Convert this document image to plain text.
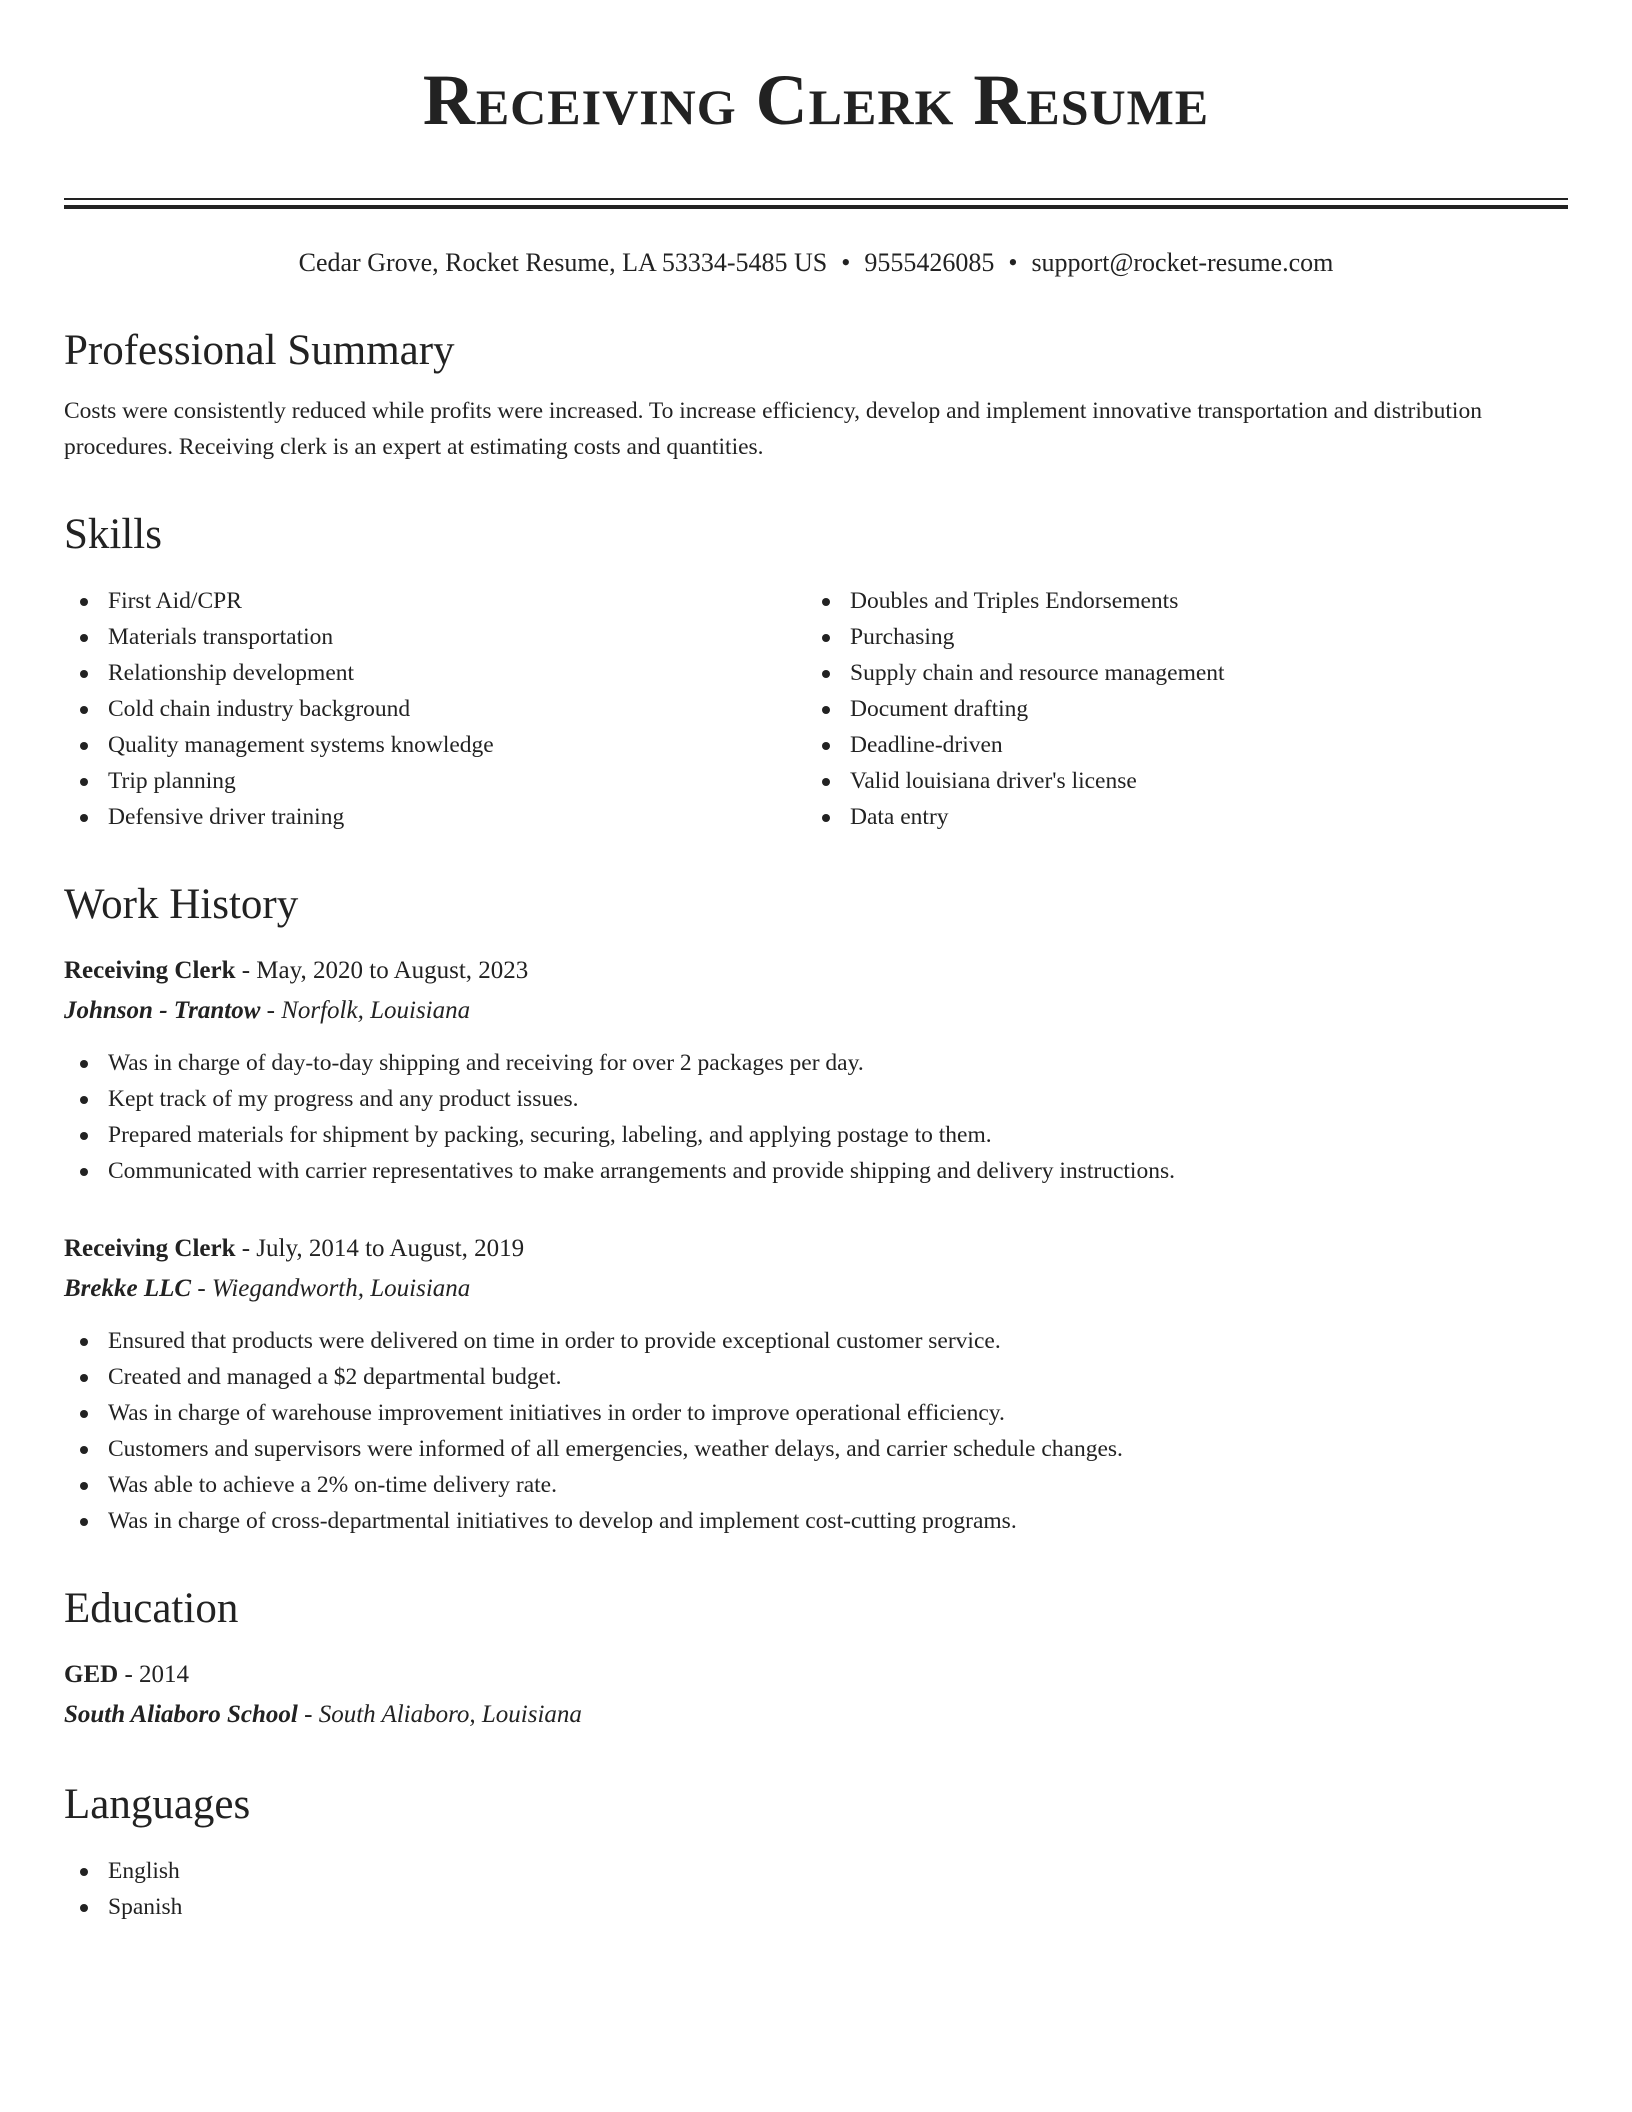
Receiving Clerk Resume
Cedar Grove, Rocket Resume, LA 53334-5485 US • 9555426085 • support@rocket-resume.com
Professional Summary

Costs were consistently reduced while profits were increased. To increase efficiency, develop and implement innovative transportation and distribution procedures. Receiving clerk is an expert at estimating costs and quantities.

Skills
First Aid/CPR
Materials transportation
Relationship development
Cold chain industry background
Quality management systems knowledge
Trip planning
Defensive driver training
Doubles and Triples Endorsements
Purchasing
Supply chain and resource management
Document drafting
Deadline-driven
Valid louisiana driver's license
Data entry
Work History
Receiving Clerk - May, 2020 to August, 2023
Johnson - Trantow - Norfolk, Louisiana
Was in charge of day-to-day shipping and receiving for over 2 packages per day.
Kept track of my progress and any product issues.
Prepared materials for shipment by packing, securing, labeling, and applying postage to them.
Communicated with carrier representatives to make arrangements and provide shipping and delivery instructions.
Receiving Clerk - July, 2014 to August, 2019
Brekke LLC - Wiegandworth, Louisiana
Ensured that products were delivered on time in order to provide exceptional customer service.
Created and managed a $2 departmental budget.
Was in charge of warehouse improvement initiatives in order to improve operational efficiency.
Customers and supervisors were informed of all emergencies, weather delays, and carrier schedule changes.
Was able to achieve a 2% on-time delivery rate.
Was in charge of cross-departmental initiatives to develop and implement cost-cutting programs.
Education
GED - 2014
South Aliaboro School - South Aliaboro, Louisiana
Languages
English
Spanish
